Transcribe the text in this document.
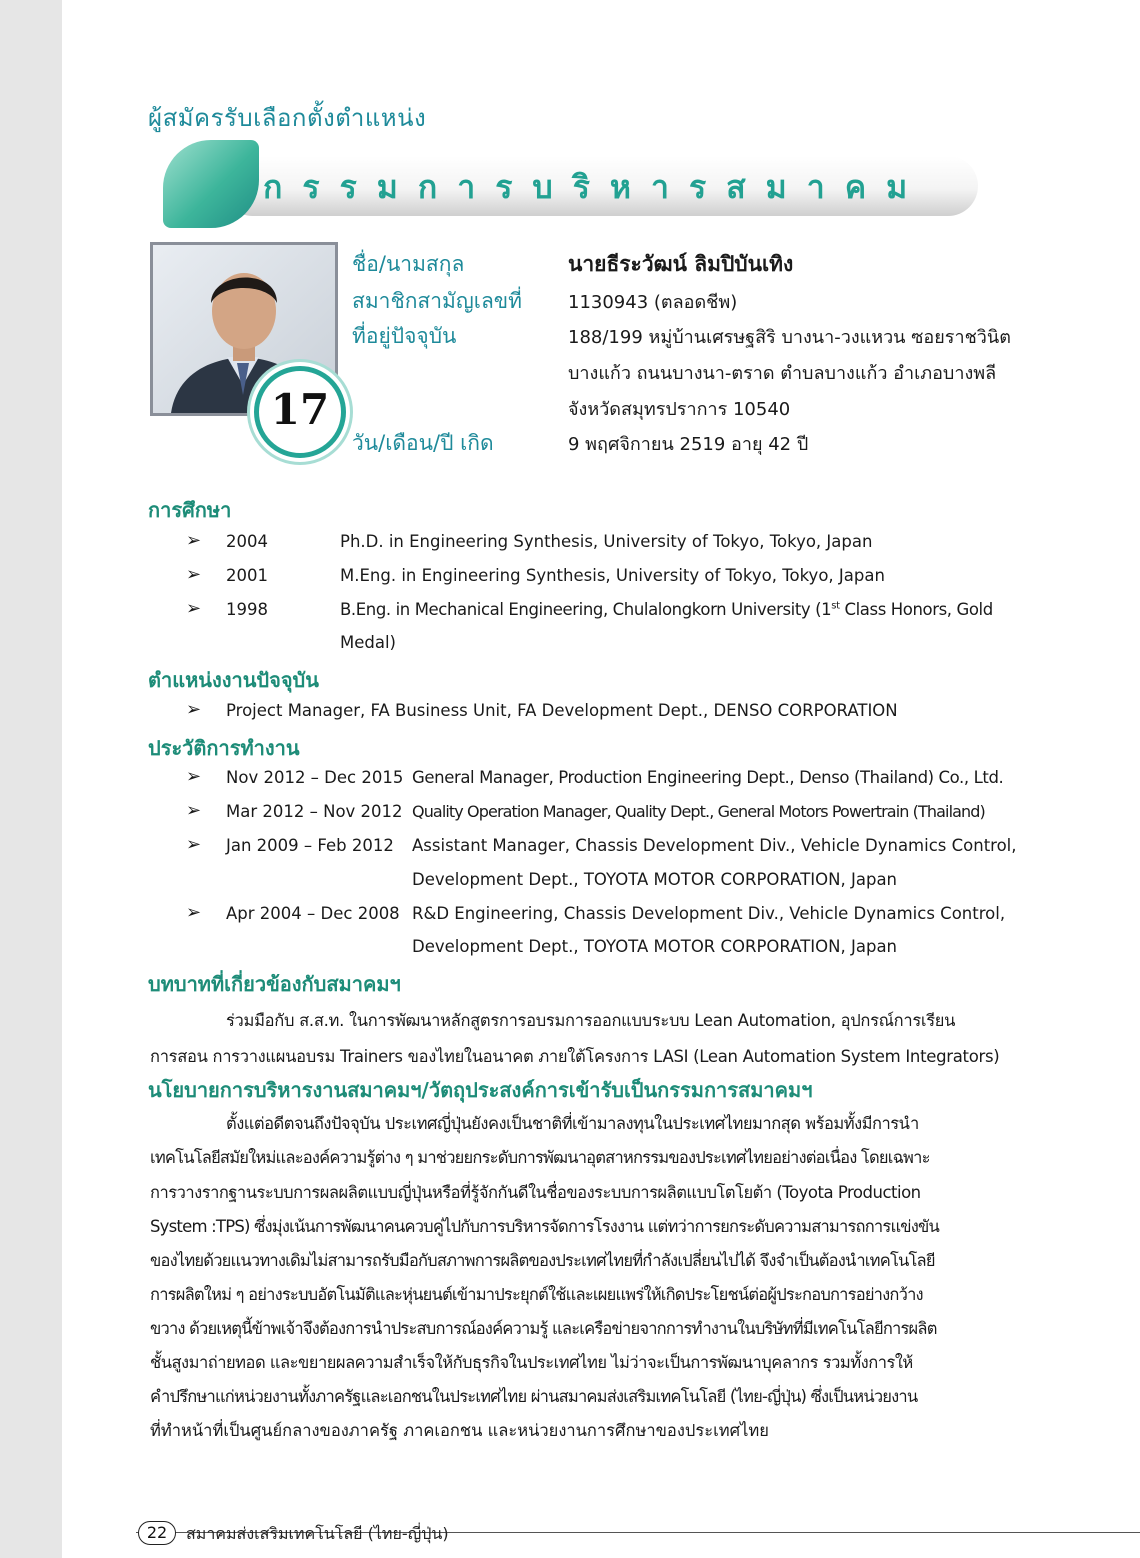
ผู้สมัครรับเลือกตั้งตำแหน่ง
กรรมการบริหารสมาคม
17
ชื่อ/นามสกุล	นายธีระวัฒน์ ลิมปิบันเทิง
สมาชิกสามัญเลขที่	1130943 (ตลอดชีพ)
ที่อยู่ปัจจุบัน	188/199 หมู่บ้านเศรษฐสิริ บางนา-วงแหวน ซอยราชวินิต
บางแก้ว ถนนบางนา-ตราด ตำบลบางแก้ว อำเภอบางพลี
จังหวัดสมุทรปราการ 10540
วัน/เดือน/ปี เกิด	9 พฤศจิกายน 2519 อายุ 42 ปี
การศึกษา
➢ 2004	Ph.D. in Engineering Synthesis, University of Tokyo, Tokyo, Japan
➢ 2001	M.Eng. in Engineering Synthesis, University of Tokyo, Tokyo, Japan
➢ 1998	B.Eng. in Mechanical Engineering, Chulalongkorn University (1st Class Honors, Gold
Medal)
ตำแหน่งงานปัจจุบัน
➢ Project Manager, FA Business Unit, FA Development Dept., DENSO CORPORATION
ประวัติการทำงาน
➢ Nov 2012 – Dec 2015 General Manager, Production Engineering Dept., Denso (Thailand) Co., Ltd.
➢ Mar 2012 – Nov 2012 Quality Operation Manager, Quality Dept., General Motors Powertrain (Thailand)
➢ Jan 2009 – Feb 2012 Assistant Manager, Chassis Development Div., Vehicle Dynamics Control,
Development Dept., TOYOTA MOTOR CORPORATION, Japan
➢ Apr 2004 – Dec 2008 R&D Engineering, Chassis Development Div., Vehicle Dynamics Control,
Development Dept., TOYOTA MOTOR CORPORATION, Japan
บทบาทที่เกี่ยวข้องกับสมาคมฯ
ร่วมมือกับ ส.ส.ท. ในการพัฒนาหลักสูตรการอบรมการออกแบบระบบ Lean Automation, อุปกรณ์การเรียน
การสอน การวางแผนอบรม Trainers ของไทยในอนาคต ภายใต้โครงการ LASI (Lean Automation System Integrators)
นโยบายการบริหารงานสมาคมฯ/วัตถุประสงค์การเข้ารับเป็นกรรมการสมาคมฯ
ตั้งแต่อดีตจนถึงปัจจุบัน ประเทศญี่ปุ่นยังคงเป็นชาติที่เข้ามาลงทุนในประเทศไทยมากสุด พร้อมทั้งมีการนำ
เทคโนโลยีสมัยใหม่และองค์ความรู้ต่าง ๆ มาช่วยยกระดับการพัฒนาอุตสาหกรรมของประเทศไทยอย่างต่อเนื่อง โดยเฉพาะ
การวางรากฐานระบบการผลผลิตแบบญี่ปุ่นหรือที่รู้จักกันดีในชื่อของระบบการผลิตแบบโตโยต้า (Toyota Production
System :TPS) ซึ่งมุ่งเน้นการพัฒนาคนควบคู่ไปกับการบริหารจัดการโรงงาน แต่ทว่าการยกระดับความสามารถการแข่งขัน
ของไทยด้วยแนวทางเดิมไม่สามารถรับมือกับสภาพการผลิตของประเทศไทยที่กำลังเปลี่ยนไปได้ จึงจำเป็นต้องนำเทคโนโลยี
การผลิตใหม่ ๆ อย่างระบบอัตโนมัติและหุ่นยนต์เข้ามาประยุกต์ใช้และเผยแพร่ให้เกิดประโยชน์ต่อผู้ประกอบการอย่างกว้าง
ขวาง ด้วยเหตุนี้ข้าพเจ้าจึงต้องการนำประสบการณ์องค์ความรู้ และเครือข่ายจากการทำงานในบริษัทที่มีเทคโนโลยีการผลิต
ชั้นสูงมาถ่ายทอด และขยายผลความสำเร็จให้กับธุรกิจในประเทศไทย ไม่ว่าจะเป็นการพัฒนาบุคลากร รวมทั้งการให้
คำปรึกษาแก่หน่วยงานทั้งภาครัฐและเอกชนในประเทศไทย ผ่านสมาคมส่งเสริมเทคโนโลยี (ไทย-ญี่ปุ่น) ซึ่งเป็นหน่วยงาน
ที่ทำหน้าที่เป็นศูนย์กลางของภาครัฐ ภาคเอกชน และหน่วยงานการศึกษาของประเทศไทย
22	สมาคมส่งเสริมเทคโนโลยี (ไทย-ญี่ปุ่น)
